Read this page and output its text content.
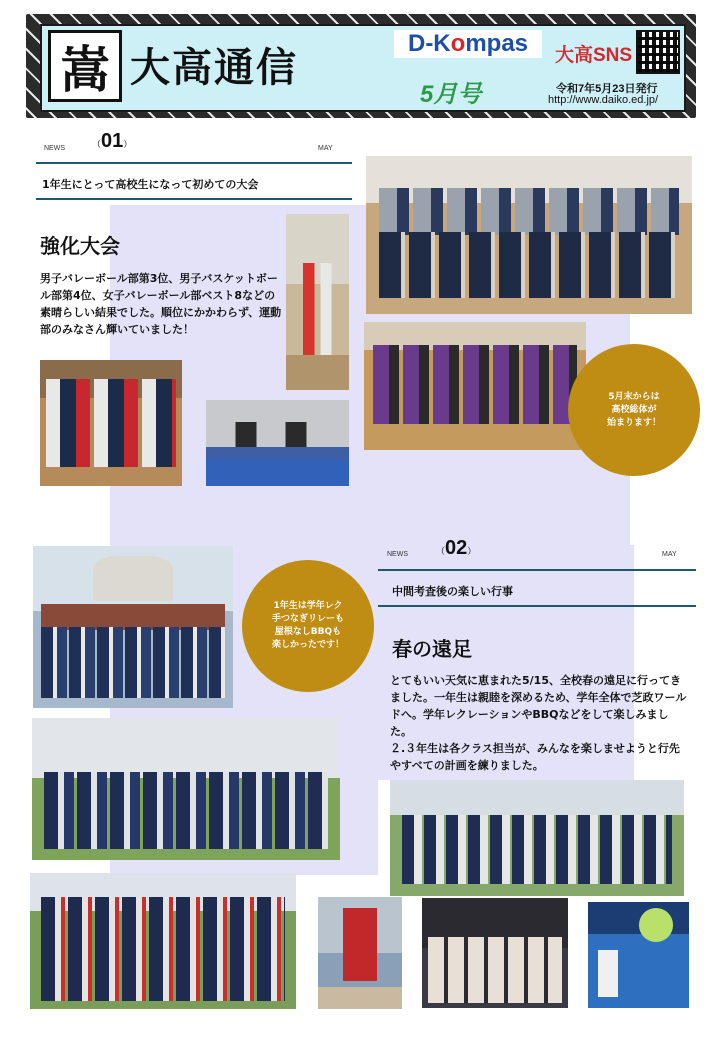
嵩 大高通信
D-K o mpas
5月号
大高SNS
令和7年5月23日発行
http://www.daiko.ed.jp/
NEWS	（01）	MAY
1年生にとって高校生になって初めての大会
強化大会
男子バレーボール部第3位、男子バスケットボール部第4位、女子バレーボール部ベスト8などの素晴らしい結果でした。順位にかかわらず、運動部のみなさん輝いていました！
5月末からは
高校総体が
始まります！
NEWS	（02）	MAY
中間考査後の楽しい行事
春の遠足
とてもいい天気に恵まれた5/15、全校春の遠足に行ってきました。一年生は親睦を深めるため、学年全体で芝政ワールドへ。学年レクレーションやBBQなどをして楽しみました。
２.３年生は各クラス担当が、みんなを楽しませようと行先やすべての計画を練りました。
1年生は学年レク
手つなぎリレーも
屋根なしBBQも
楽しかったです！
